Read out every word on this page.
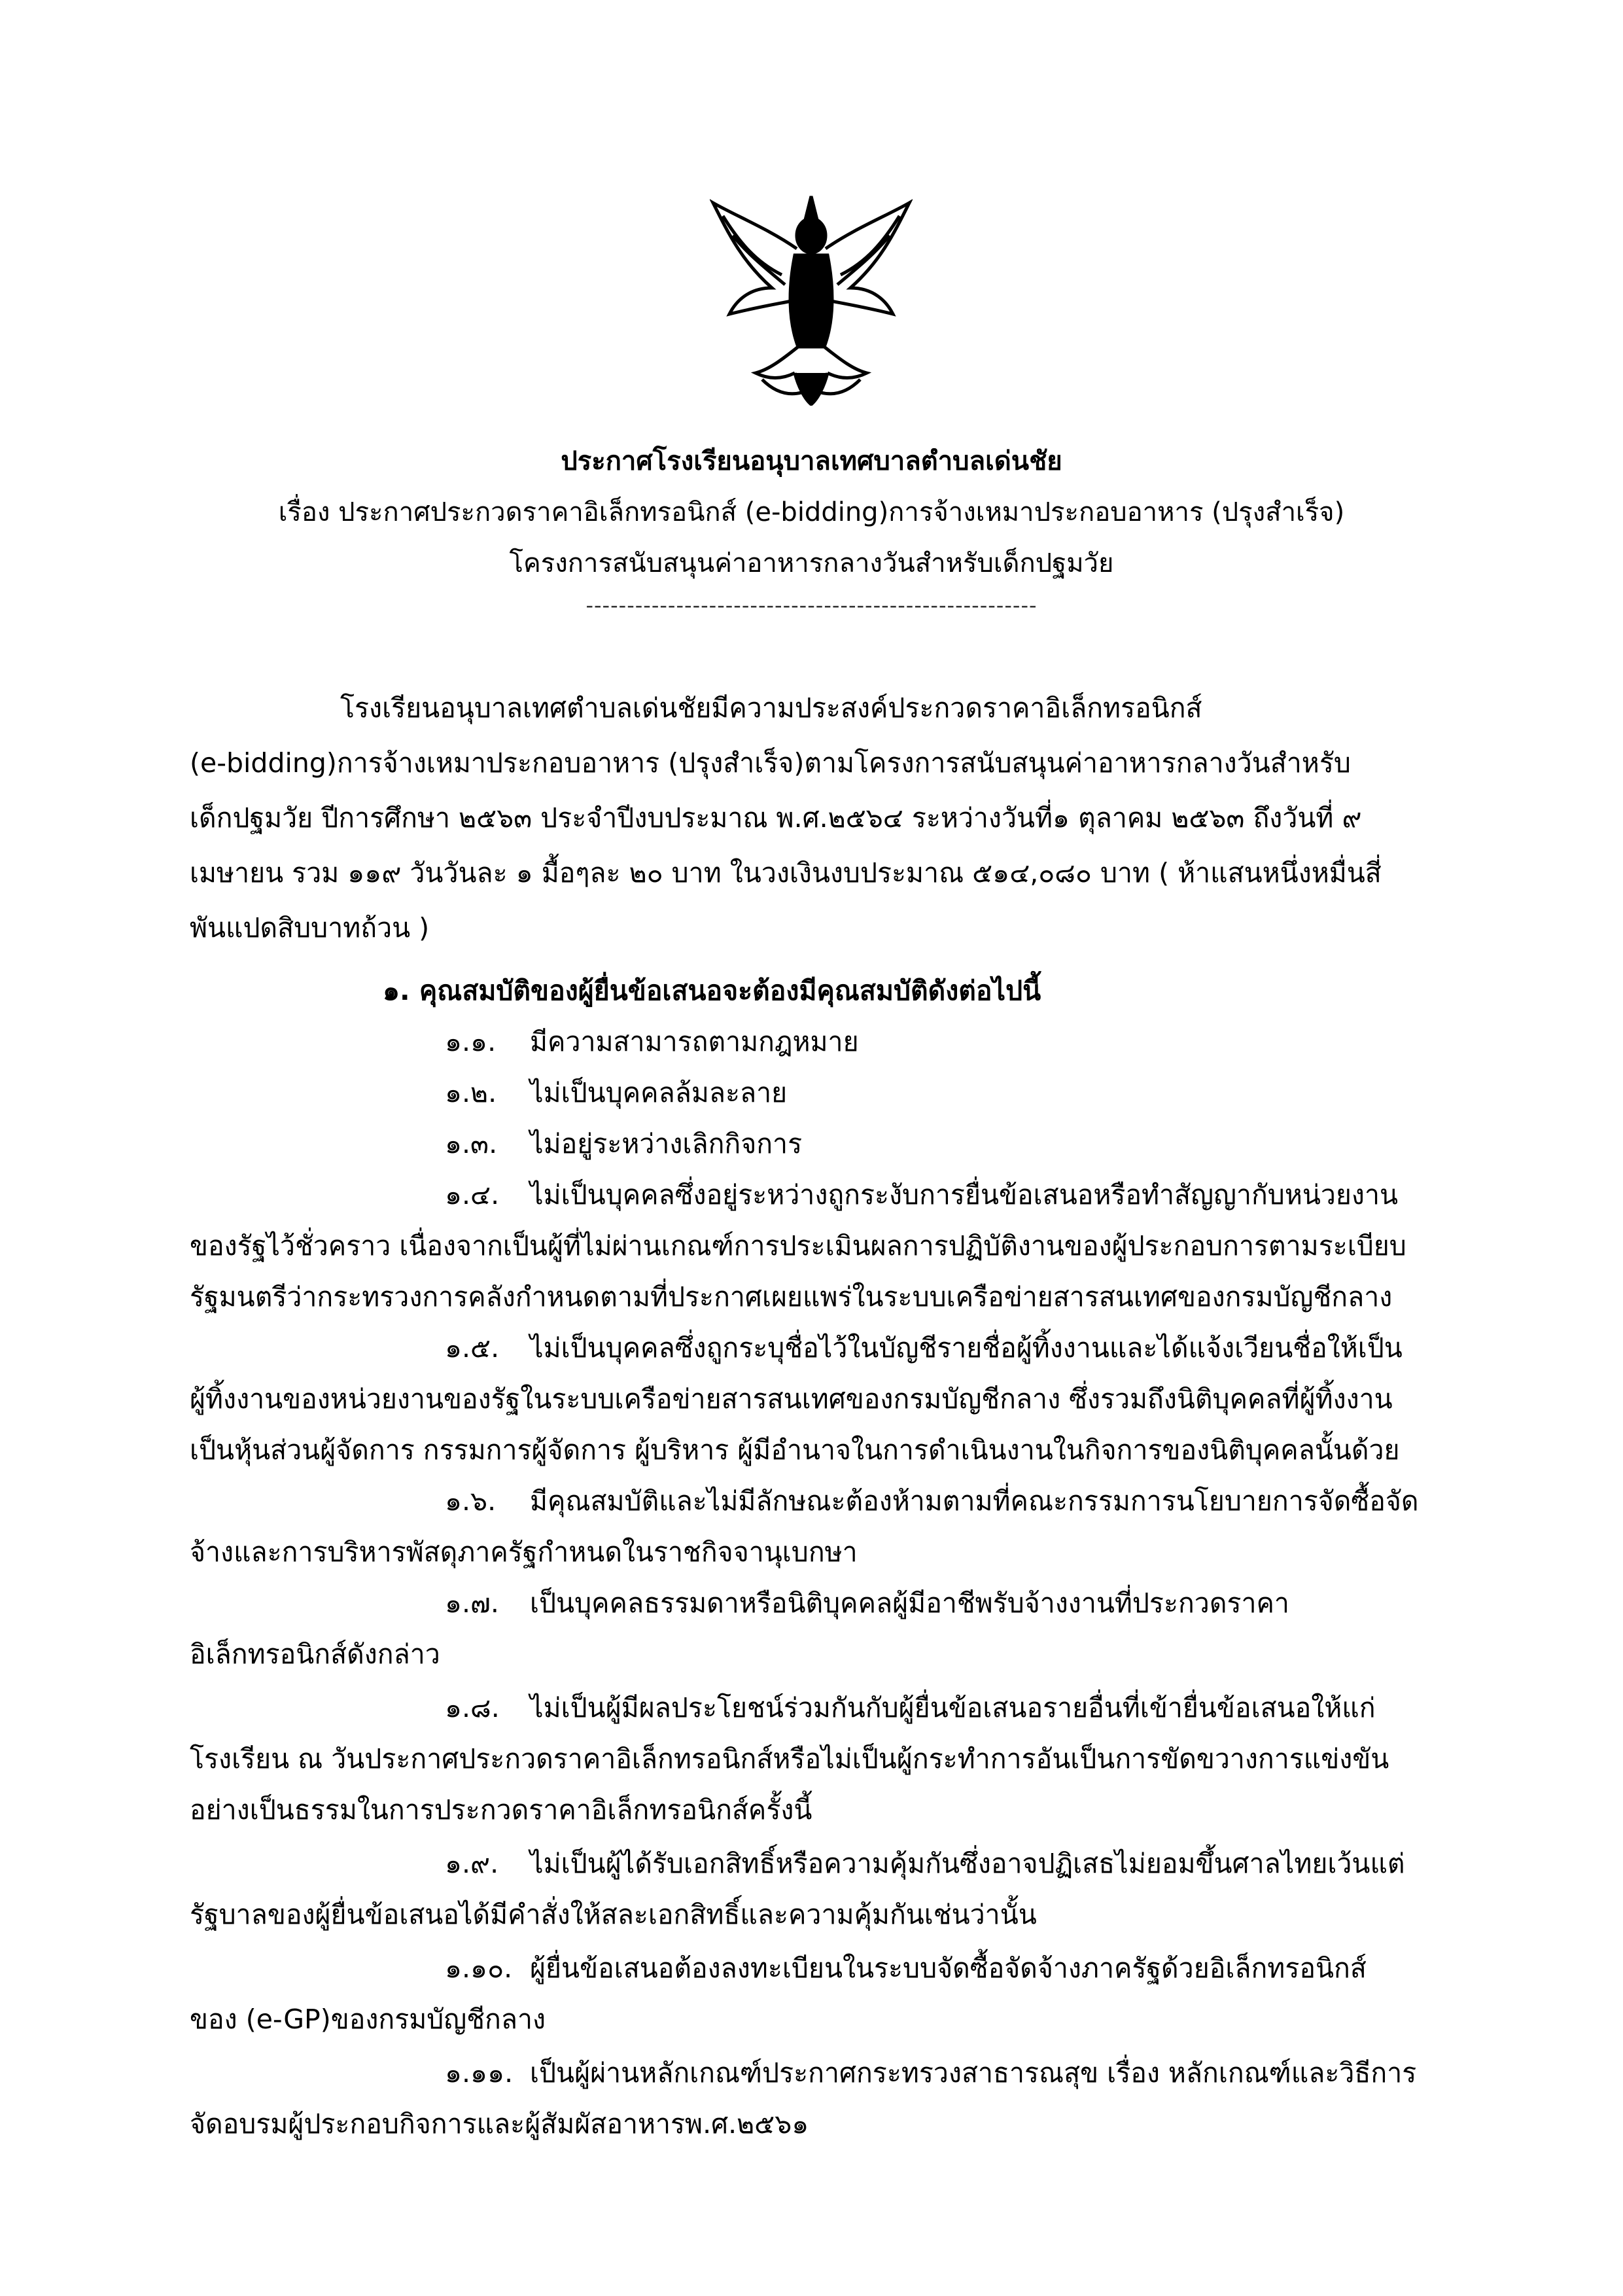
ประกาศโรงเรียนอนุบาลเทศบาลตำบลเด่นชัย
เรื่อง ประกาศประกวดราคาอิเล็กทรอนิกส์ (e-bidding)การจ้างเหมาประกอบอาหาร (ปรุงสำเร็จ)
โครงการสนับสนุนค่าอาหารกลางวันสำหรับเด็กปฐมวัย
-------------------------------------------------------
โรงเรียนอนุบาลเทศตำบลเด่นชัยมีความประสงค์ประกวดราคาอิเล็กทรอนิกส์
(e-bidding)การจ้างเหมาประกอบอาหาร (ปรุงสำเร็จ)ตามโครงการสนับสนุนค่าอาหารกลางวันสำหรับ
เด็กปฐมวัย ปีการศึกษา ๒๕๖๓ ประจำปีงบประมาณ พ.ศ.๒๕๖๔ ระหว่างวันที่๑ ตุลาคม ๒๕๖๓ ถึงวันที่ ๙
เมษายน รวม ๑๑๙ วันวันละ ๑ มื้อๆละ ๒๐ บาท ในวงเงินงบประมาณ ๕๑๔,๐๘๐ บาท ( ห้าแสนหนึ่งหมื่นสี่
พันแปดสิบบาทถ้วน )
๑. คุณสมบัติของผู้ยื่นข้อเสนอจะต้องมีคุณสมบัติดังต่อไปนี้
๑.๑. มีความสามารถตามกฎหมาย
๑.๒. ไม่เป็นบุคคลล้มละลาย
๑.๓. ไม่อยู่ระหว่างเลิกกิจการ
๑.๔. ไม่เป็นบุคคลซึ่งอยู่ระหว่างถูกระงับการยื่นข้อเสนอหรือทำสัญญากับหน่วยงาน
ของรัฐไว้ชั่วคราว เนื่องจากเป็นผู้ที่ไม่ผ่านเกณฑ์การประเมินผลการปฏิบัติงานของผู้ประกอบการตามระเบียบ
รัฐมนตรีว่ากระทรวงการคลังกำหนดตามที่ประกาศเผยแพร่ในระบบเครือข่ายสารสนเทศของกรมบัญชีกลาง
๑.๕. ไม่เป็นบุคคลซึ่งถูกระบุชื่อไว้ในบัญชีรายชื่อผู้ทิ้งงานและได้แจ้งเวียนชื่อให้เป็น
ผู้ทิ้งงานของหน่วยงานของรัฐในระบบเครือข่ายสารสนเทศของกรมบัญชีกลาง ซึ่งรวมถึงนิติบุคคลที่ผู้ทิ้งงาน
เป็นหุ้นส่วนผู้จัดการ กรรมการผู้จัดการ ผู้บริหาร ผู้มีอำนาจในการดำเนินงานในกิจการของนิติบุคคลนั้นด้วย
๑.๖. มีคุณสมบัติและไม่มีลักษณะต้องห้ามตามที่คณะกรรมการนโยบายการจัดซื้อจัด
จ้างและการบริหารพัสดุภาครัฐกำหนดในราชกิจจานุเบกษา
๑.๗. เป็นบุคคลธรรมดาหรือนิติบุคคลผู้มีอาชีพรับจ้างงานที่ประกวดราคา
อิเล็กทรอนิกส์ดังกล่าว
๑.๘. ไม่เป็นผู้มีผลประโยชน์ร่วมกันกับผู้ยื่นข้อเสนอรายอื่นที่เข้ายื่นข้อเสนอให้แก่
โรงเรียน ณ วันประกาศประกวดราคาอิเล็กทรอนิกส์หรือไม่เป็นผู้กระทำการอันเป็นการขัดขวางการแข่งขัน
อย่างเป็นธรรมในการประกวดราคาอิเล็กทรอนิกส์ครั้งนี้
๑.๙. ไม่เป็นผู้ได้รับเอกสิทธิ์หรือความคุ้มกันซึ่งอาจปฏิเสธไม่ยอมขึ้นศาลไทยเว้นแต่
รัฐบาลของผู้ยื่นข้อเสนอได้มีคำสั่งให้สละเอกสิทธิ์และความคุ้มกันเช่นว่านั้น
๑.๑๐. ผู้ยื่นข้อเสนอต้องลงทะเบียนในระบบจัดซื้อจัดจ้างภาครัฐด้วยอิเล็กทรอนิกส์
ของ (e-GP)ของกรมบัญชีกลาง
๑.๑๑. เป็นผู้ผ่านหลักเกณฑ์ประกาศกระทรวงสาธารณสุข เรื่อง หลักเกณฑ์และวิธีการ
จัดอบรมผู้ประกอบกิจการและผู้สัมผัสอาหารพ.ศ.๒๕๖๑
